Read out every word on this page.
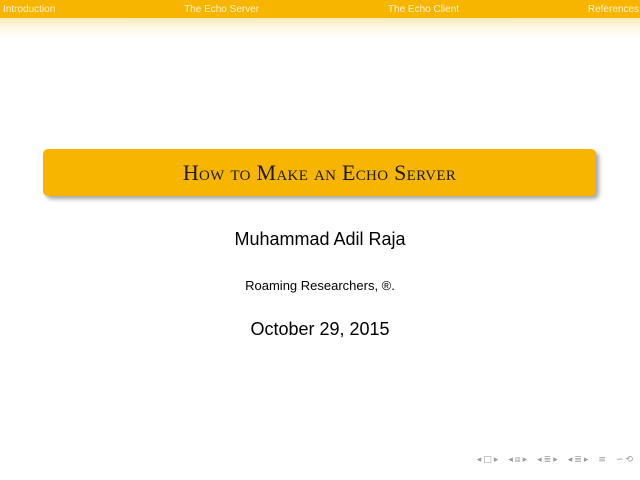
Introduction	The Echo Server	The Echo Client	References
How to Make an Echo Server
Muhammad Adil Raja
Roaming Researchers, ®.
October 29, 2015
◂ □ ▸ ◂ ⧈ ▸ ◂ ≣ ▸ ◂ ≣ ▸ ≡ ∽ ⟲
